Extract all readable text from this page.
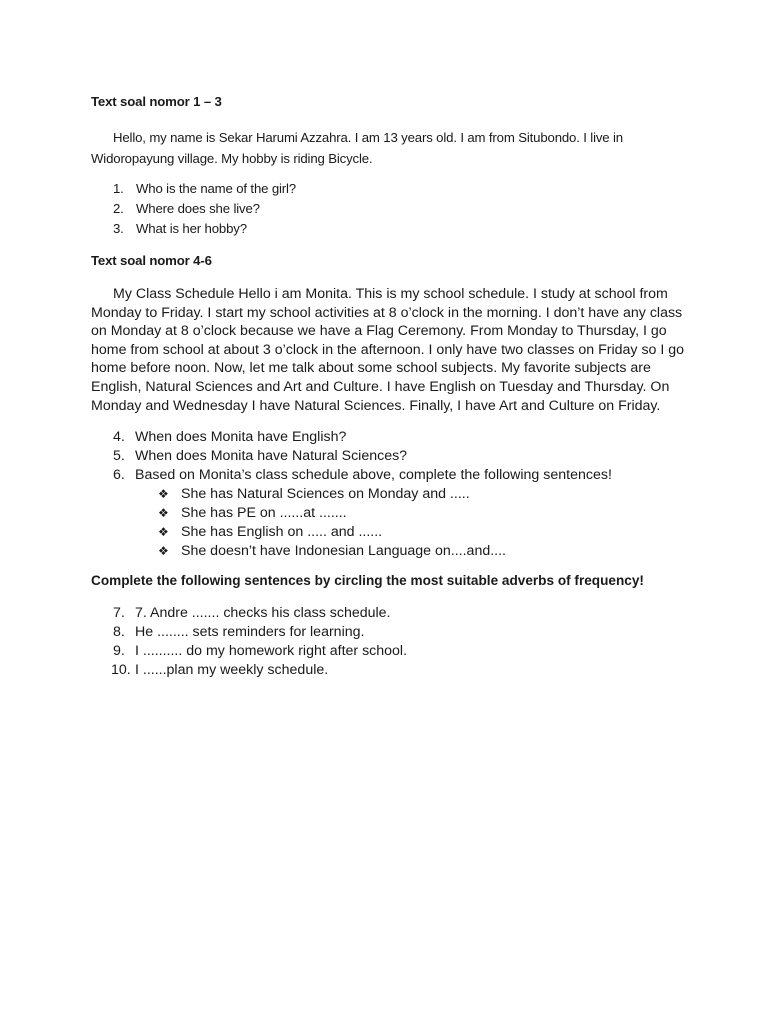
Text soal nomor 1 – 3

Hello, my name is Sekar Harumi Azzahra. I am 13 years old. I am from Situbondo. I live in

Widoropayung village. My hobby is riding Bicycle.

1. Who is the name of the girl?
2. Where does she live?
3. What is her hobby?
Text soal nomor 4-6

My Class Schedule Hello i am Monita. This is my school schedule. I study at school from

Monday to Friday. I start my school activities at 8 o’clock in the morning. I don’t have any class

on Monday at 8 o’clock because we have a Flag Ceremony. From Monday to Thursday, I go

home from school at about 3 o’clock in the afternoon. I only have two classes on Friday so I go

home before noon. Now, let me talk about some school subjects. My favorite subjects are

English, Natural Sciences and Art and Culture. I have English on Tuesday and Thursday. On

Monday and Wednesday I have Natural Sciences. Finally, I have Art and Culture on Friday.

4. When does Monita have English?
5. When does Monita have Natural Sciences?
6. Based on Monita’s class schedule above, complete the following sentences!
❖ She has Natural Sciences on Monday and .....
❖ She has PE on ......at .......
❖ She has English on ..... and ......
❖ She doesn’t have Indonesian Language on....and....
Complete the following sentences by circling the most suitable adverbs of frequency!
7. 7. Andre ....... checks his class schedule.
8. He ........ sets reminders for learning.
9. I .......... do my homework right after school.
10. I ......plan my weekly schedule.
